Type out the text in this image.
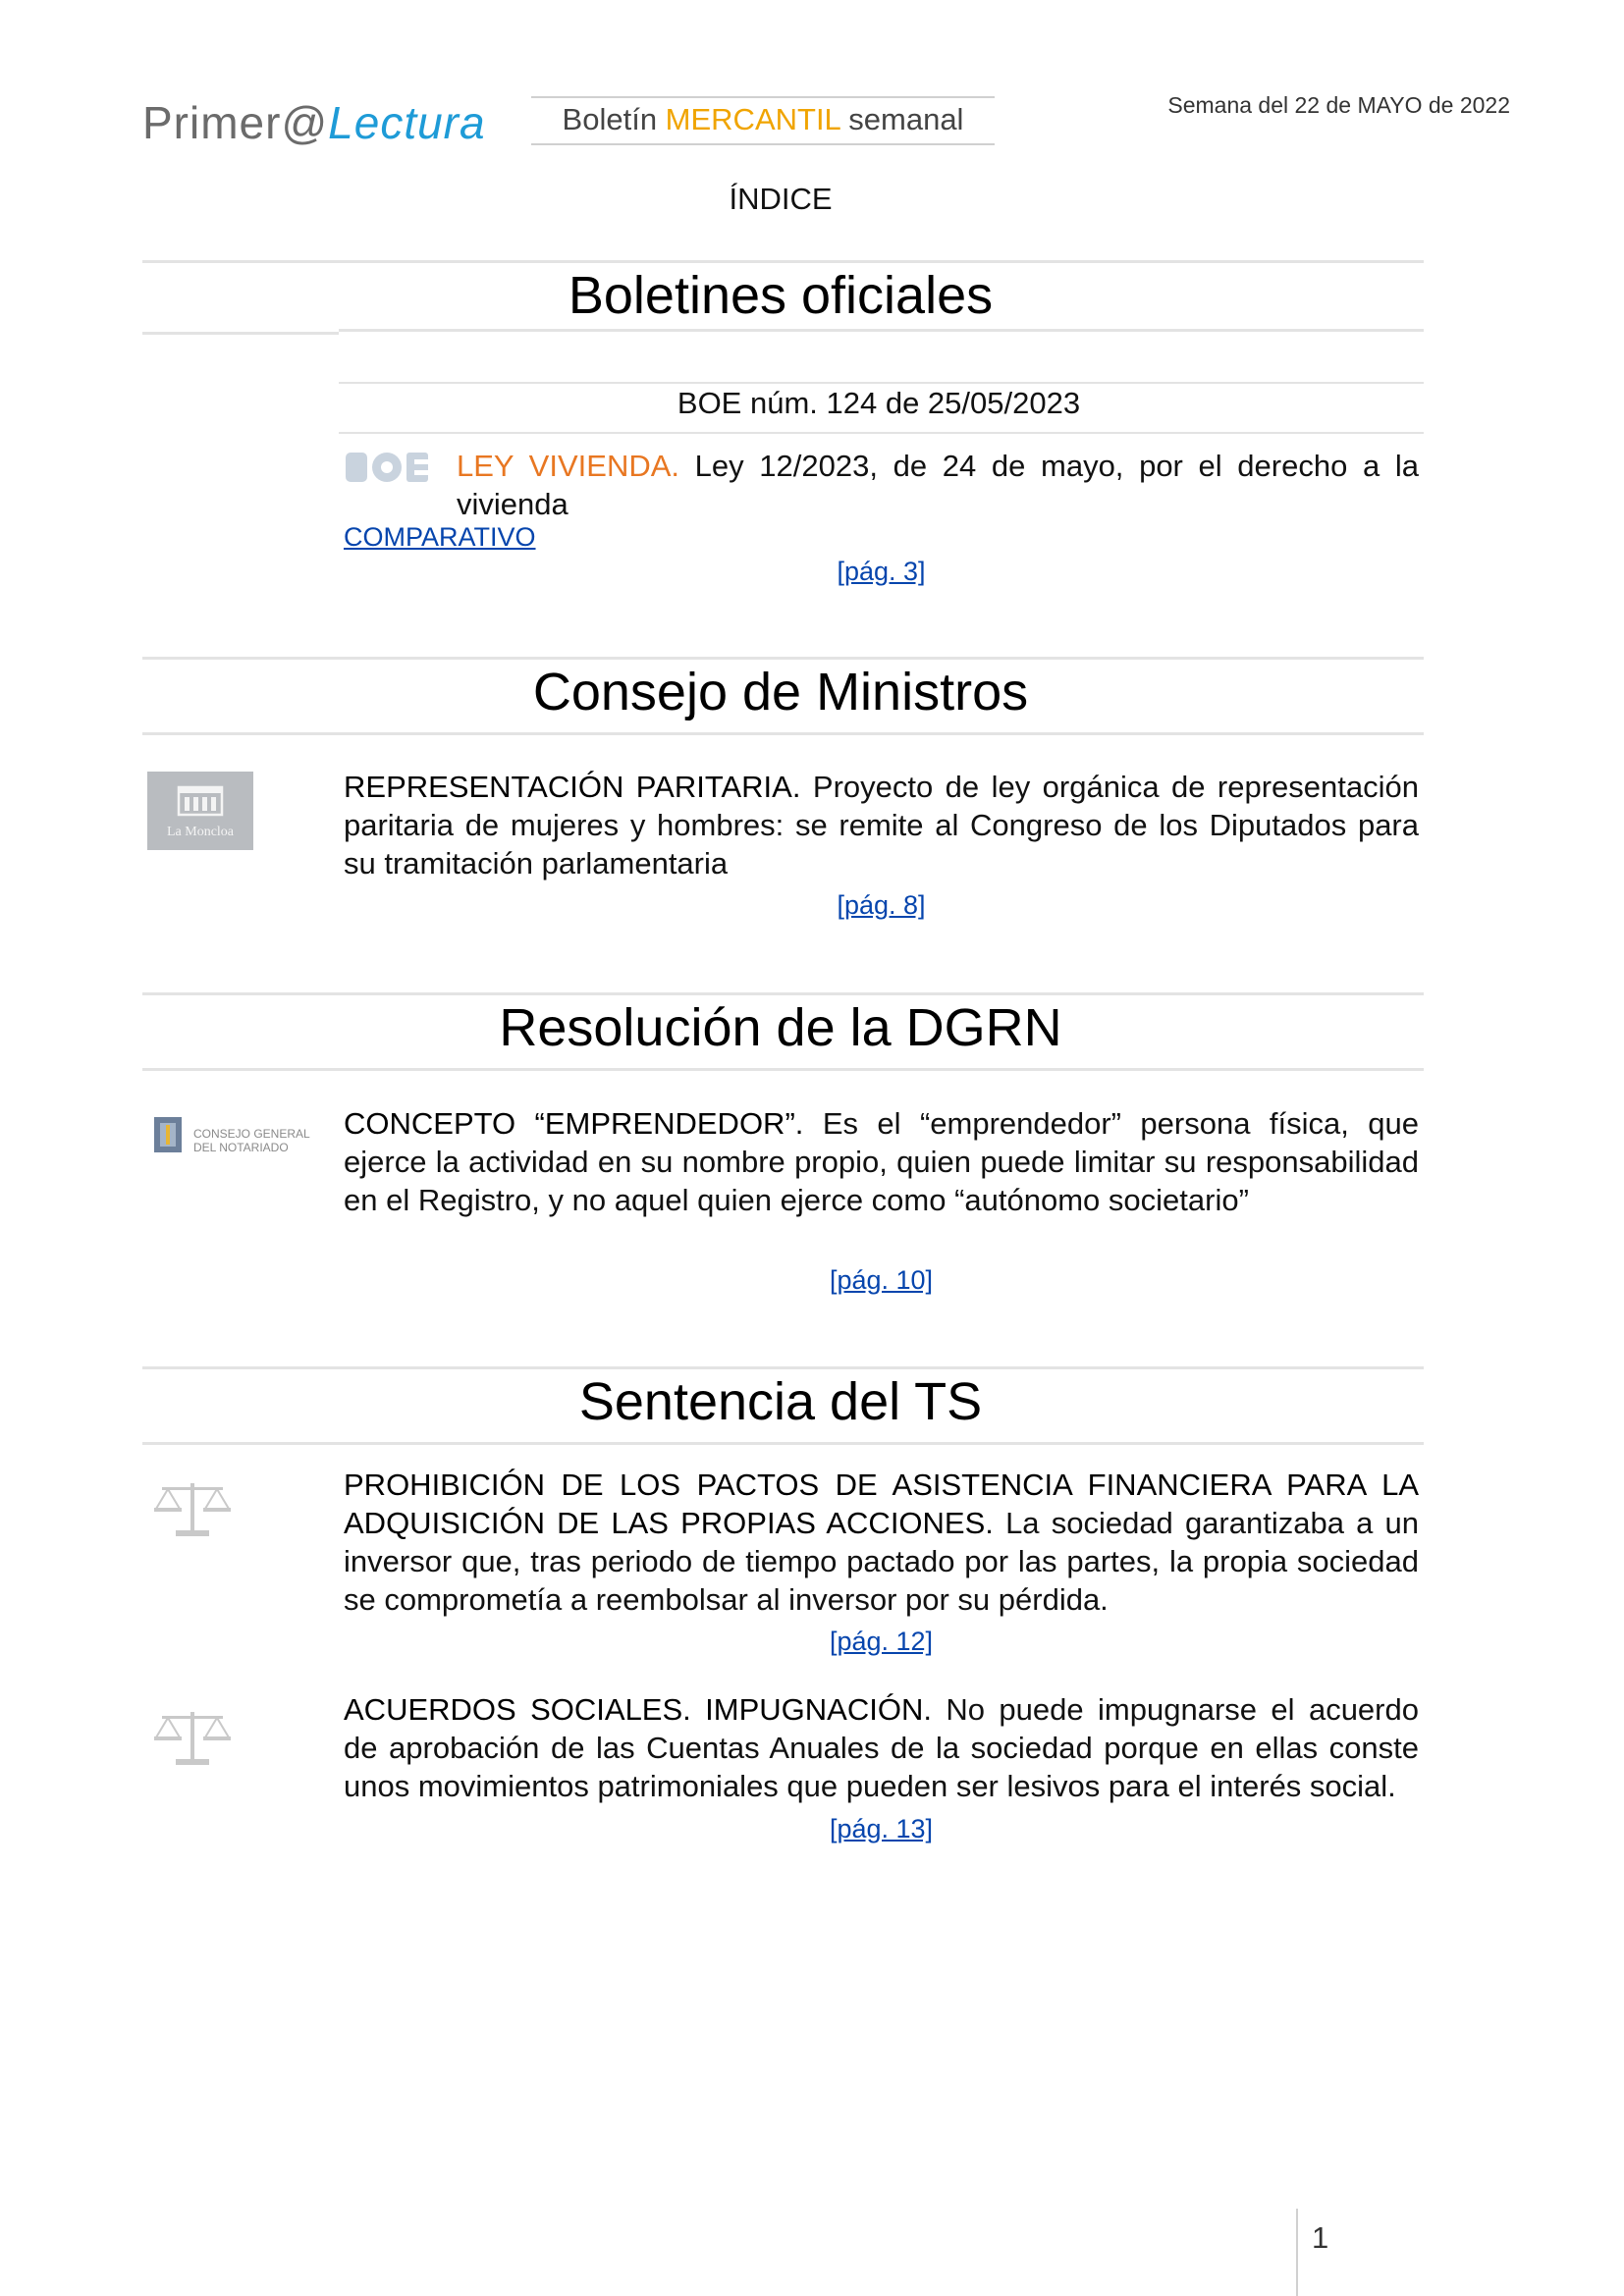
Primer@Lectura	Boletín MERCANTIL semanal	Semana del 22 de MAYO de 2022
ÍNDICE
Boletines oficiales
BOE núm. 124 de 25/05/2023
LEY VIVIENDA. Ley 12/2023, de 24 de mayo, por el derecho a la vivienda
COMPARATIVO
[pág. 3]
Consejo de Ministros
La Moncloa
REPRESENTACIÓN PARITARIA. Proyecto de ley orgánica de representación paritaria de mujeres y hombres: se remite al Congreso de los Diputados para su tramitación parlamentaria
[pág. 8]
Resolución de la DGRN
CONSEJO GENERAL
DEL NOTARIADO
CONCEPTO “EMPRENDEDOR”. Es el “emprendedor” persona física, que ejerce la actividad en su nombre propio, quien puede limitar su responsabilidad en el Registro, y no aquel quien ejerce como “autónomo societario”
[pág. 10]
Sentencia del TS
PROHIBICIÓN DE LOS PACTOS DE ASISTENCIA FINANCIERA PARA LA ADQUISICIÓN DE LAS PROPIAS ACCIONES. La sociedad garantizaba a un inversor que, tras periodo de tiempo pactado por las partes, la propia sociedad se comprometía a reembolsar al inversor por su pérdida.
[pág. 12]
ACUERDOS SOCIALES. IMPUGNACIÓN. No puede impugnarse el acuerdo de aprobación de las Cuentas Anuales de la sociedad porque en ellas conste unos movimientos patrimoniales que pueden ser lesivos para el interés social.
[pág. 13]
1
